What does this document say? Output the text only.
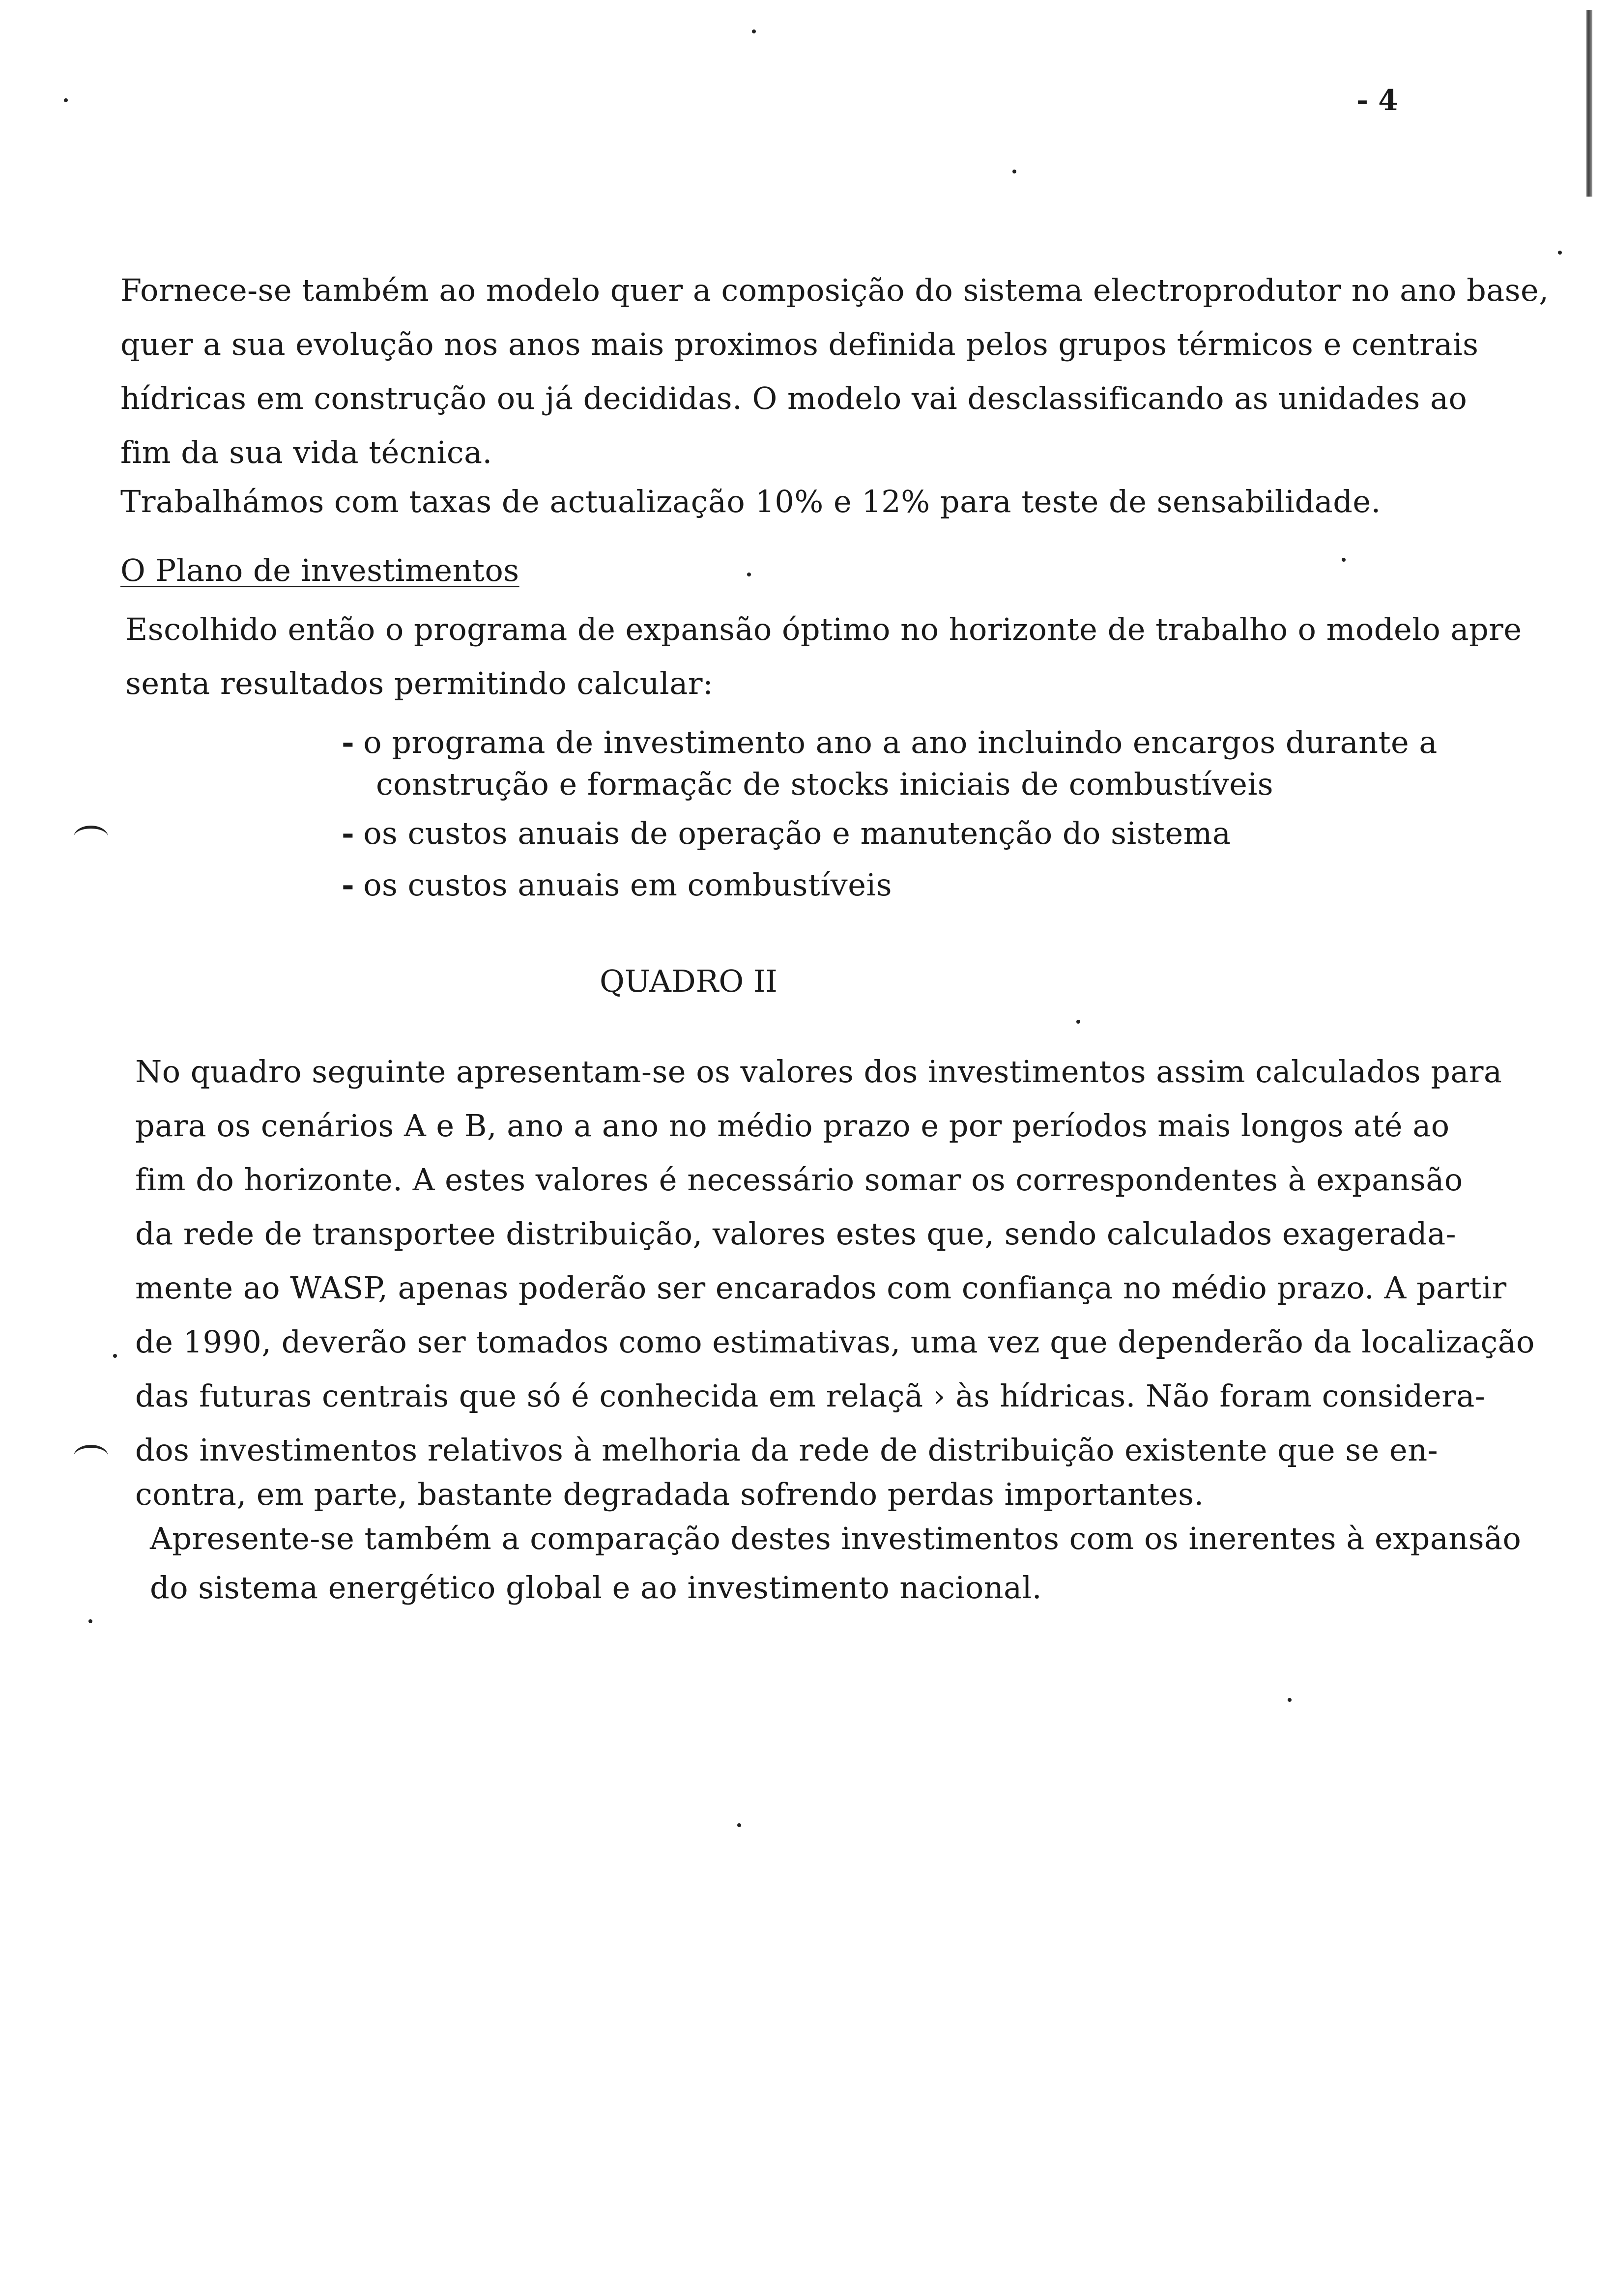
- 4
Fornece-se também ao modelo quer a composição do sistema electroprodutor no ano base,
quer a sua evolução nos anos mais proximos definida pelos grupos térmicos e centrais
hídricas em construção ou já decididas. O modelo vai desclassificando as unidades ao
fim da sua vida técnica.
Trabalhámos com taxas de actualização 10% e 12% para teste de sensabilidade.
O Plano de investimentos
Escolhido então o programa de expansão óptimo no horizonte de trabalho o modelo apre
senta resultados permitindo calcular:
- o programa de investimento ano a ano incluindo encargos durante a
construção e formaçãc de stocks iniciais de combustíveis
- os custos anuais de operação e manutenção do sistema
- os custos anuais em combustíveis
QUADRO II
No quadro seguinte apresentam-se os valores dos investimentos assim calculados para
para os cenários A e B, ano a ano no médio prazo e por períodos mais longos até ao
fim do horizonte. A estes valores é necessário somar os correspondentes à expansão
da rede de transportee distribuição, valores estes que, sendo calculados exagerada-
mente ao WASP, apenas poderão ser encarados com confiança no médio prazo. A partir
de 1990, deverão ser tomados como estimativas, uma vez que dependerão da localização
das futuras centrais que só é conhecida em relaçã › às hídricas. Não foram considera-
dos investimentos relativos à melhoria da rede de distribuição existente que se en-
contra, em parte, bastante degradada sofrendo perdas importantes.
Apresente-se também a comparação destes investimentos com os inerentes à expansão
do sistema energético global e ao investimento nacional.
